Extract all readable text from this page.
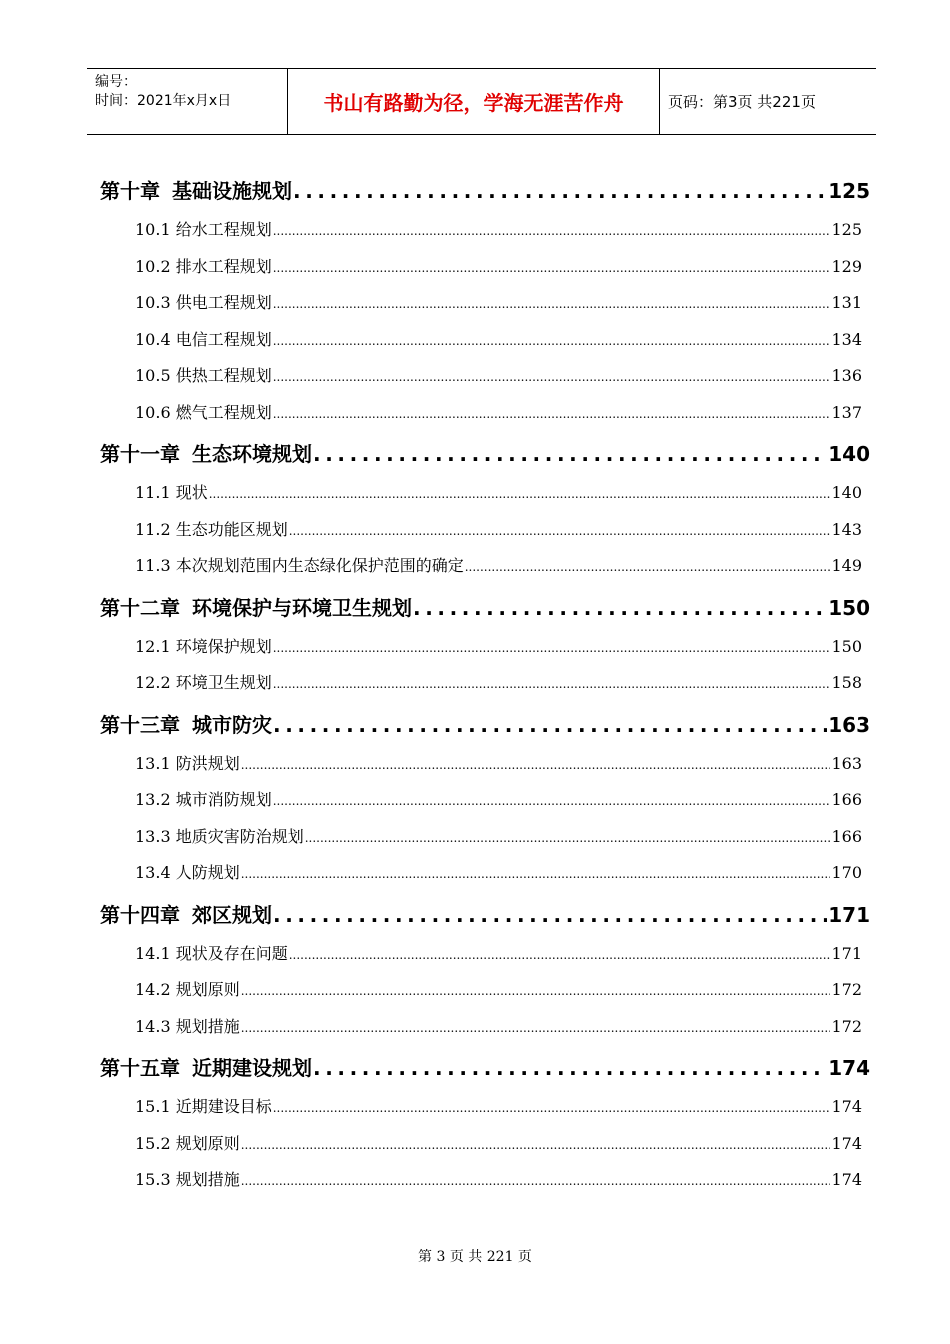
编号：
时间：2021年x月x日	书山有路勤为径，学海无涯苦作舟	页码：第3页 共221页
第十章 基础设施规划 .....	125
10.1 给水工程规划 .....	125
10.2 排水工程规划 .....	129
10.3 供电工程规划 .....	131
10.4 电信工程规划 .....	134
10.5 供热工程规划 .....	136
10.6 燃气工程规划 .....	137
第十一章 生态环境规划 .....	140
11.1 现状 .....	140
11.2 生态功能区规划 .....	143
11.3 本次规划范围内生态绿化保护范围的确定 .....	149
第十二章 环境保护与环境卫生规划 .....	150
12.1 环境保护规划 .....	150
12.2 环境卫生规划 .....	158
第十三章 城市防灾 .....	163
13.1 防洪规划 .....	163
13.2 城市消防规划 .....	166
13.3 地质灾害防治规划 .....	166
13.4 人防规划 .....	170
第十四章 郊区规划 .....	171
14.1 现状及存在问题 .....	171
14.2 规划原则 .....	172
14.3 规划措施 .....	172
第十五章 近期建设规划 .....	174
15.1 近期建设目标 .....	174
15.2 规划原则 .....	174
15.3 规划措施 .....	174
第 3 页 共 221 页
